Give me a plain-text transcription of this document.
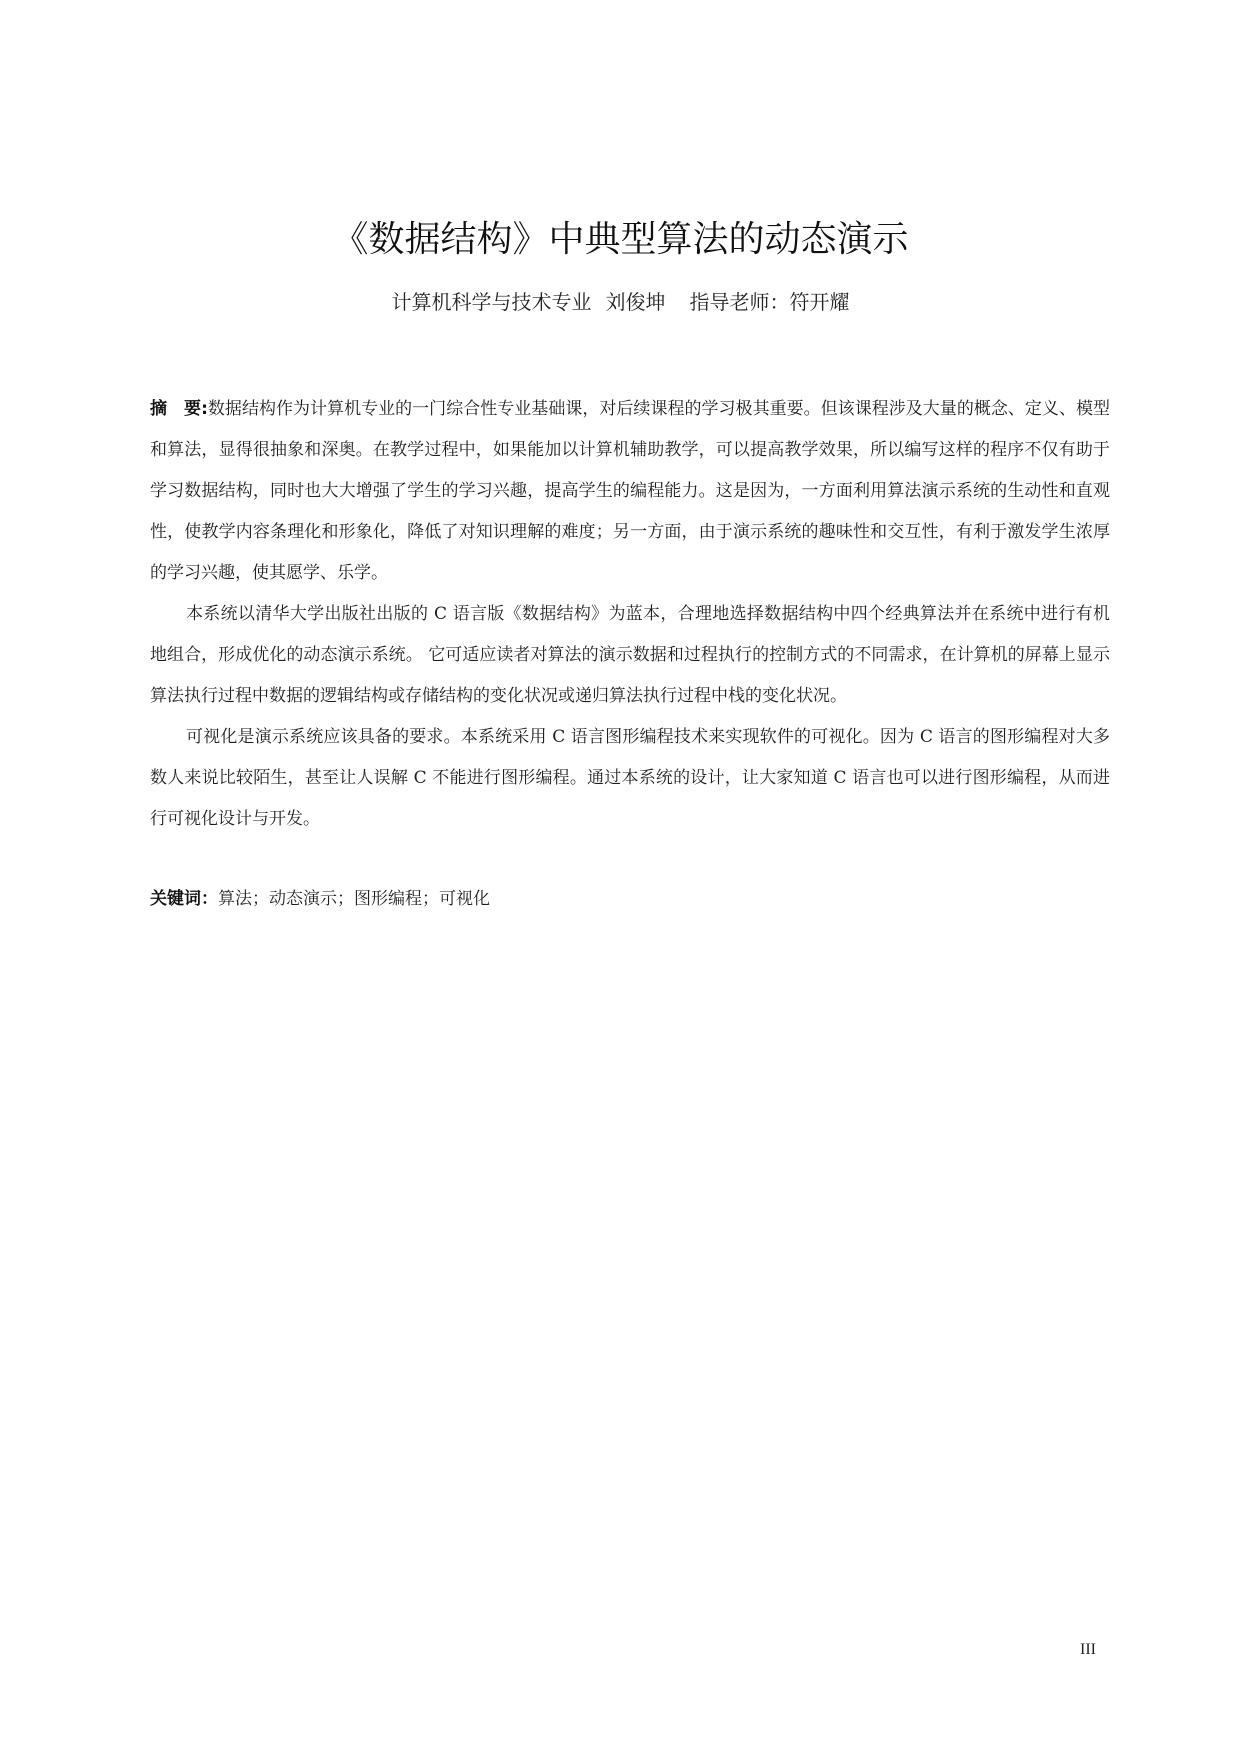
《数据结构》中典型算法的动态演示
计算机科学与技术专业 刘俊坤 指导老师：符开耀

摘　要:数据结构作为计算机专业的一门综合性专业基础课，对后续课程的学习极其重要。但该课程涉及大量的概念、定义、模型和算法，显得很抽象和深奥。在教学过程中，如果能加以计算机辅助教学，可以提高教学效果，所以编写这样的程序不仅有助于学习数据结构，同时也大大增强了学生的学习兴趣，提高学生的编程能力。这是因为，一方面利用算法演示系统的生动性和直观性，使教学内容条理化和形象化，降低了对知识理解的难度；另一方面，由于演示系统的趣味性和交互性，有利于激发学生浓厚的学习兴趣，使其愿学、乐学。

本系统以清华大学出版社出版的 C 语言版《数据结构》为蓝本，合理地选择数据结构中四个经典算法并在系统中进行有机地组合，形成优化的动态演示系统。 它可适应读者对算法的演示数据和过程执行的控制方式的不同需求，在计算机的屏幕上显示算法执行过程中数据的逻辑结构或存储结构的变化状况或递归算法执行过程中栈的变化状况。

可视化是演示系统应该具备的要求。本系统采用 C 语言图形编程技术来实现软件的可视化。因为 C 语言的图形编程对大多数人来说比较陌生，甚至让人误解 C 不能进行图形编程。通过本系统的设计，让大家知道 C 语言也可以进行图形编程，从而进行可视化设计与开发。

关键词：算法；动态演示；图形编程；可视化

III
